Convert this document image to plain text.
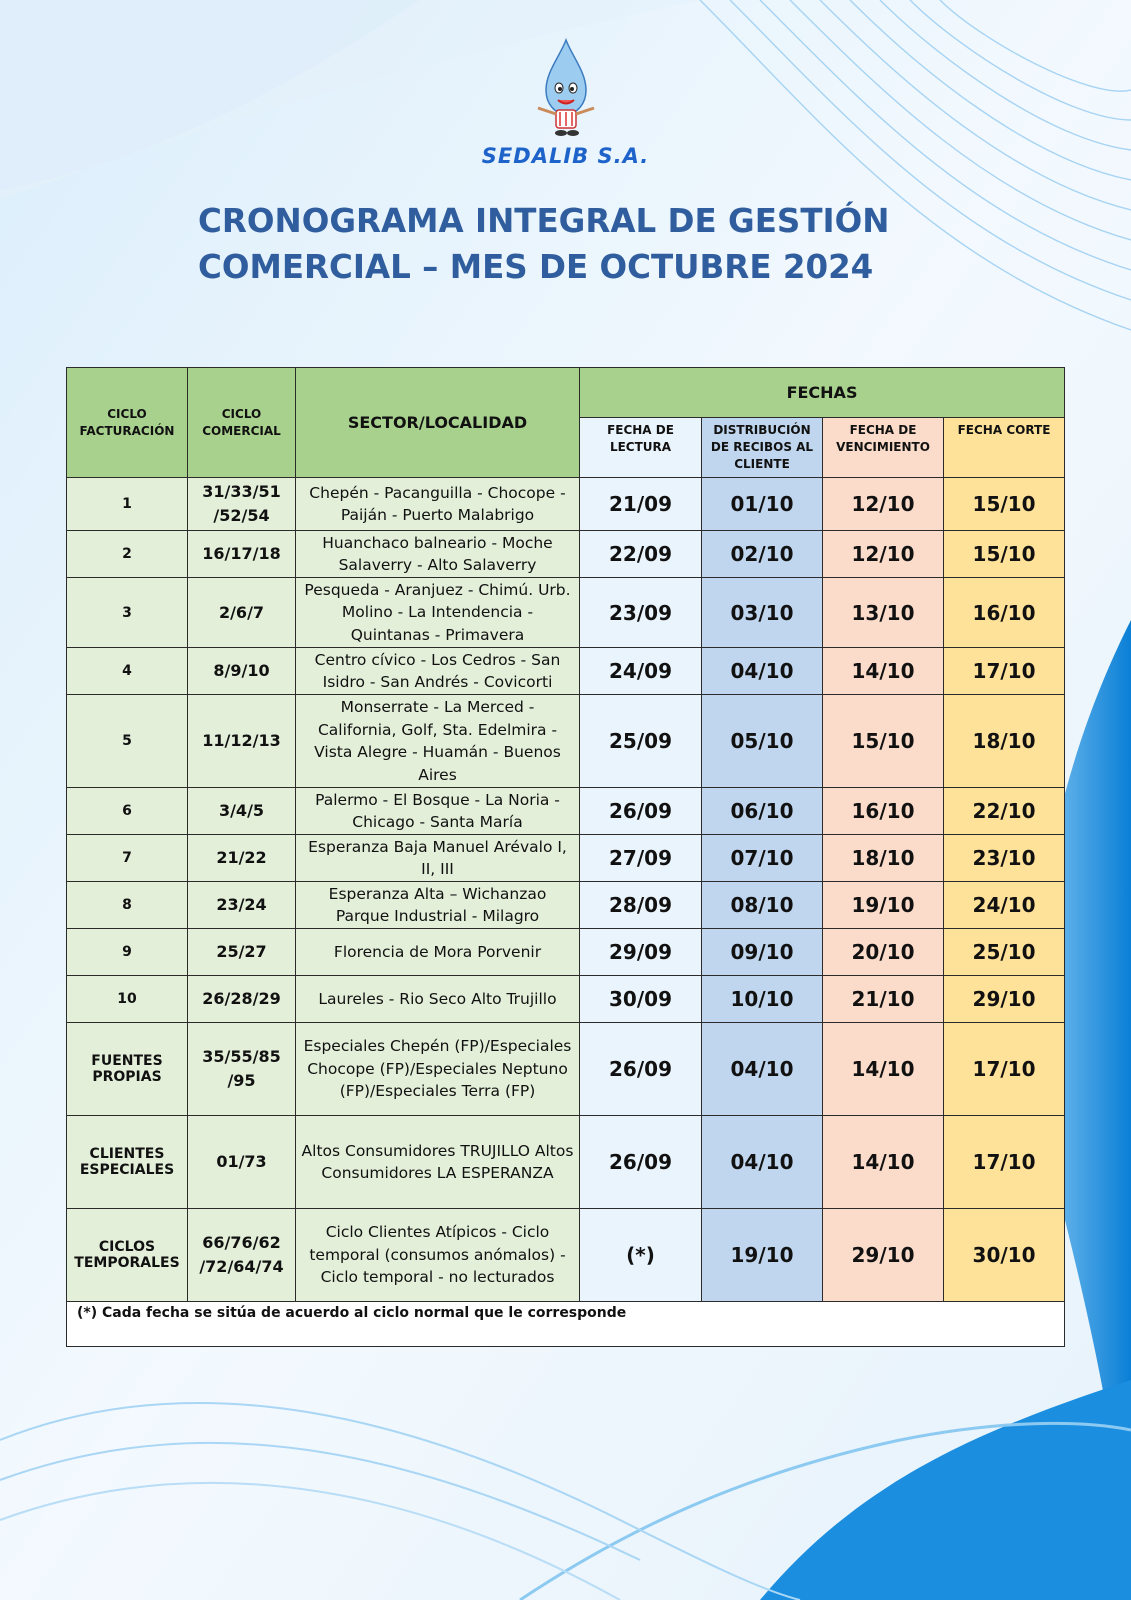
SEDALIB S.A.
CRONOGRAMA INTEGRAL DE GESTIÓN
COMERCIAL – MES DE OCTUBRE 2024
CICLO FACTURACIÓN	CICLO COMERCIAL	SECTOR/LOCALIDAD	FECHAS			
			FECHA DE LECTURA	DISTRIBUCIÓN DE RECIBOS AL CLIENTE	FECHA DE VENCIMIENTO	FECHA CORTE
1	31/33/51 /52/54	Chepén - Pacanguilla - Chocope - Paiján - Puerto Malabrigo	21/09	01/10	12/10	15/10
2	16/17/18	Huanchaco balneario - Moche Salaverry - Alto Salaverry	22/09	02/10	12/10	15/10
3	2/6/7	Pesqueda - Aranjuez - Chimú. Urb. Molino - La Intendencia - Quintanas - Primavera	23/09	03/10	13/10	16/10
4	8/9/10	Centro cívico - Los Cedros - San Isidro - San Andrés - Covicorti	24/09	04/10	14/10	17/10
5	11/12/13	Monserrate - La Merced - California, Golf, Sta. Edelmira - Vista Alegre - Huamán - Buenos Aires	25/09	05/10	15/10	18/10
6	3/4/5	Palermo - El Bosque - La Noria - Chicago - Santa María	26/09	06/10	16/10	22/10
7	21/22	Esperanza Baja Manuel Arévalo I, II, III	27/09	07/10	18/10	23/10
8	23/24	Esperanza Alta – Wichanzao Parque Industrial - Milagro	28/09	08/10	19/10	24/10
9	25/27	Florencia de Mora Porvenir	29/09	09/10	20/10	25/10
10	26/28/29	Laureles - Rio Seco Alto Trujillo	30/09	10/10	21/10	29/10
FUENTES PROPIAS	35/55/85 /95	Especiales Chepén (FP)/Especiales Chocope (FP)/Especiales Neptuno (FP)/Especiales Terra (FP)	26/09	04/10	14/10	17/10
CLIENTES ESPECIALES	01/73	Altos Consumidores TRUJILLO Altos Consumidores LA ESPERANZA	26/09	04/10	14/10	17/10
CICLOS TEMPORALES	66/76/62 /72/64/74	Ciclo Clientes Atípicos - Ciclo temporal (consumos anómalos) - Ciclo temporal - no lecturados	(*)	19/10	29/10	30/10
(*) Cada fecha se sitúa de acuerdo al ciclo normal que le corresponde						
